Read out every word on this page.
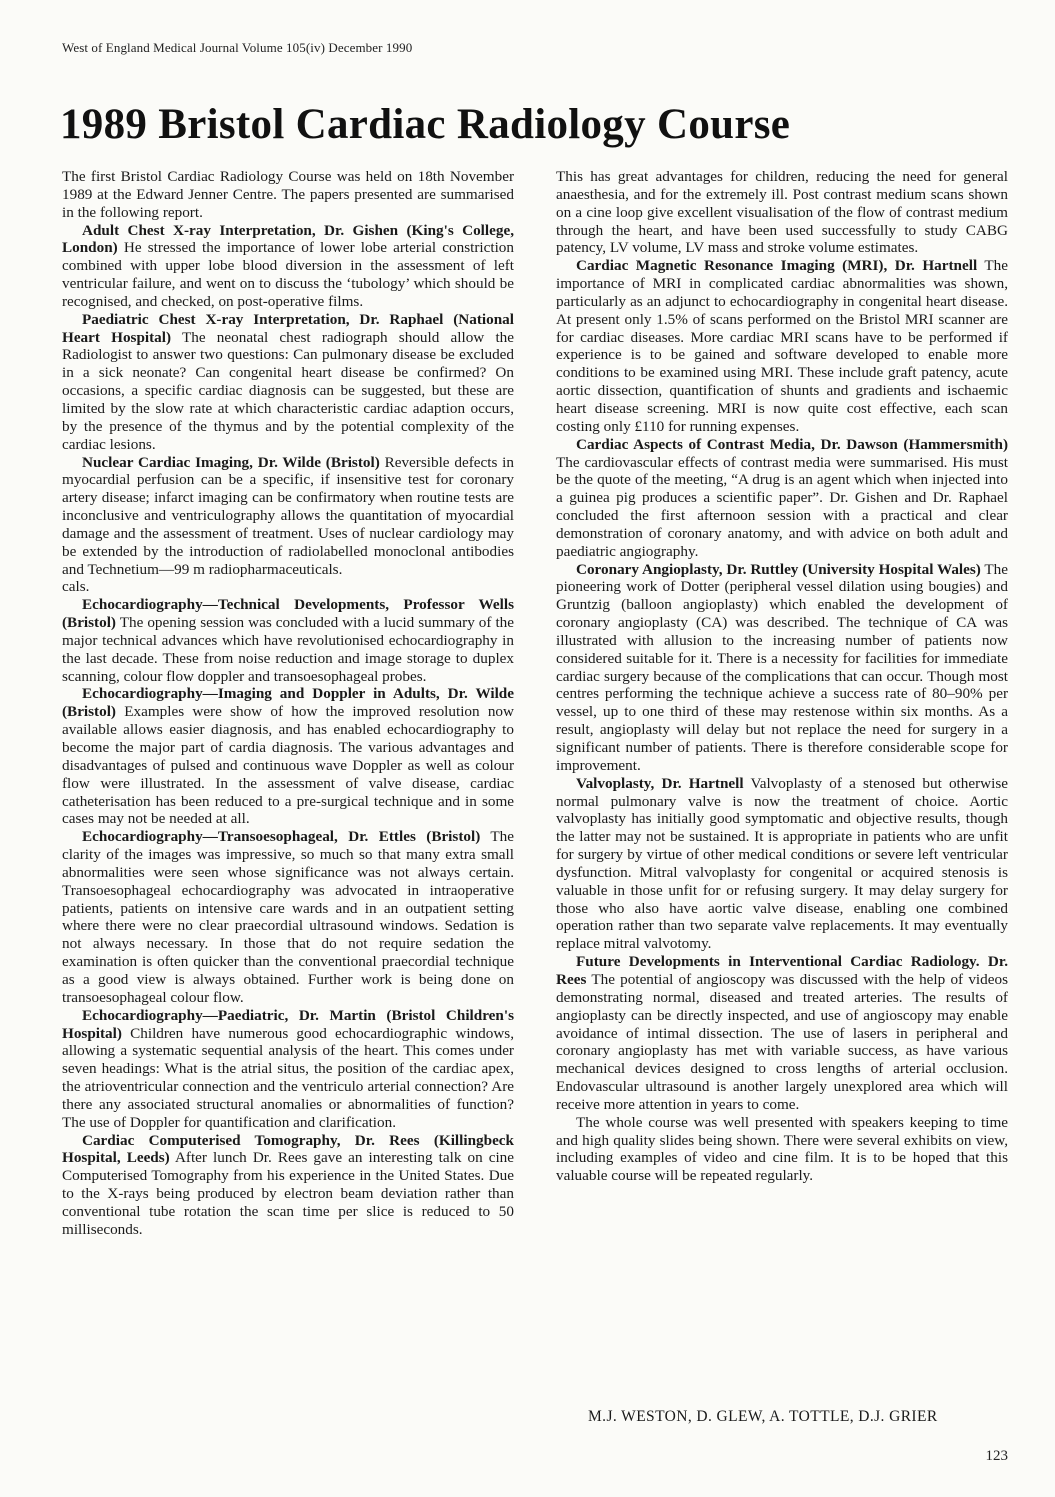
West of England Medical Journal Volume 105(iv) December 1990
1989 Bristol Cardiac Radiology Course

The first Bristol Cardiac Radiology Course was held on 18th November 1989 at the Edward Jenner Centre. The papers presented are summarised in the following report.

Adult Chest X-ray Interpretation, Dr. Gishen (King's College, London) He stressed the importance of lower lobe arterial constriction combined with upper lobe blood diversion in the assessment of left ventricular failure, and went on to discuss the ‘tubology’ which should be recognised, and checked, on post-operative films.

Paediatric Chest X-ray Interpretation, Dr. Raphael (National Heart Hospital) The neonatal chest radiograph should allow the Radiologist to answer two questions: Can pulmonary disease be excluded in a sick neonate? Can congenital heart disease be confirmed? On occasions, a specific cardiac diagnosis can be suggested, but these are limited by the slow rate at which characteristic cardiac adaption occurs, by the presence of the thymus and by the potential complexity of the cardiac lesions.

Nuclear Cardiac Imaging, Dr. Wilde (Bristol) Reversible defects in myocardial perfusion can be a specific, if insensitive test for coronary artery disease; infarct imaging can be confirmatory when routine tests are inconclusive and ventriculography allows the quantitation of myocardial damage and the assessment of treatment. Uses of nuclear cardiology may be extended by the introduction of radiolabelled monoclonal antibodies and Technetium—99 m radiopharmaceuticals.

cals.

Echocardiography—Technical Developments, Professor Wells (Bristol) The opening session was concluded with a lucid summary of the major technical advances which have revolutionised echocardiography in the last decade. These from noise reduction and image storage to duplex scanning, colour flow doppler and transoesophageal probes.

Echocardiography—Imaging and Doppler in Adults, Dr. Wilde (Bristol) Examples were show of how the improved resolution now available allows easier diagnosis, and has enabled echocardiography to become the major part of cardia diagnosis. The various advantages and disadvantages of pulsed and continuous wave Doppler as well as colour flow were illustrated. In the assessment of valve disease, cardiac catheterisation has been reduced to a pre-surgical technique and in some cases may not be needed at all.

Echocardiography—Transoesophageal, Dr. Ettles (Bristol) The clarity of the images was impressive, so much so that many extra small abnormalities were seen whose significance was not always certain. Transoesophageal echocardiography was advocated in intraoperative patients, patients on intensive care wards and in an outpatient setting where there were no clear praecordial ultrasound windows. Sedation is not always necessary. In those that do not require sedation the examination is often quicker than the conventional praecordial technique as a good view is always obtained. Further work is being done on transoesophageal colour flow.

Echocardiography—Paediatric, Dr. Martin (Bristol Children's Hospital) Children have numerous good echocardiographic windows, allowing a systematic sequential analysis of the heart. This comes under seven headings: What is the atrial situs, the position of the cardiac apex, the atrioventricular connection and the ventriculo arterial connection? Are there any associated structural anomalies or abnormalities of function? The use of Doppler for quantification and clarification.

Cardiac Computerised Tomography, Dr. Rees (Killingbeck Hospital, Leeds) After lunch Dr. Rees gave an interesting talk on cine Computerised Tomography from his experience in the United States. Due to the X-rays being produced by electron beam deviation rather than conventional tube rotation the scan time per slice is reduced to 50 milliseconds.

This has great advantages for children, reducing the need for general anaesthesia, and for the extremely ill. Post contrast medium scans shown on a cine loop give excellent visualisation of the flow of contrast medium through the heart, and have been used successfully to study CABG patency, LV volume, LV mass and stroke volume estimates.

Cardiac Magnetic Resonance Imaging (MRI), Dr. Hartnell The importance of MRI in complicated cardiac abnormalities was shown, particularly as an adjunct to echocardiography in congenital heart disease. At present only 1.5% of scans performed on the Bristol MRI scanner are for cardiac diseases. More cardiac MRI scans have to be performed if experience is to be gained and software developed to enable more conditions to be examined using MRI. These include graft patency, acute aortic dissection, quantification of shunts and gradients and ischaemic heart disease screening. MRI is now quite cost effective, each scan costing only £110 for running expenses.

Cardiac Aspects of Contrast Media, Dr. Dawson (Hammersmith) The cardiovascular effects of contrast media were summarised. His must be the quote of the meeting, “A drug is an agent which when injected into a guinea pig produces a scientific paper”. Dr. Gishen and Dr. Raphael concluded the first afternoon session with a practical and clear demonstration of coronary anatomy, and with advice on both adult and paediatric angiography.

Coronary Angioplasty, Dr. Ruttley (University Hospital Wales) The pioneering work of Dotter (peripheral vessel dilation using bougies) and Gruntzig (balloon angioplasty) which enabled the development of coronary angioplasty (CA) was described. The technique of CA was illustrated with allusion to the increasing number of patients now considered suitable for it. There is a necessity for facilities for immediate cardiac surgery because of the complications that can occur. Though most centres performing the technique achieve a success rate of 80–90% per vessel, up to one third of these may restenose within six months. As a result, angioplasty will delay but not replace the need for surgery in a significant number of patients. There is therefore considerable scope for improvement.

Valvoplasty, Dr. Hartnell Valvoplasty of a stenosed but otherwise normal pulmonary valve is now the treatment of choice. Aortic valvoplasty has initially good symptomatic and objective results, though the latter may not be sustained. It is appropriate in patients who are unfit for surgery by virtue of other medical conditions or severe left ventricular dysfunction. Mitral valvoplasty for congenital or acquired stenosis is valuable in those unfit for or refusing surgery. It may delay surgery for those who also have aortic valve disease, enabling one combined operation rather than two separate valve replacements. It may eventually replace mitral valvotomy.

Future Developments in Interventional Cardiac Radiology. Dr. Rees The potential of angioscopy was discussed with the help of videos demonstrating normal, diseased and treated arteries. The results of angioplasty can be directly inspected, and use of angioscopy may enable avoidance of intimal dissection. The use of lasers in peripheral and coronary angioplasty has met with variable success, as have various mechanical devices designed to cross lengths of arterial occlusion. Endovascular ultrasound is another largely unexplored area which will receive more attention in years to come.

The whole course was well presented with speakers keeping to time and high quality slides being shown. There were several exhibits on view, including examples of video and cine film. It is to be hoped that this valuable course will be repeated regularly.

M.J. WESTON, D. GLEW, A. TOTTLE, D.J. GRIER
123
